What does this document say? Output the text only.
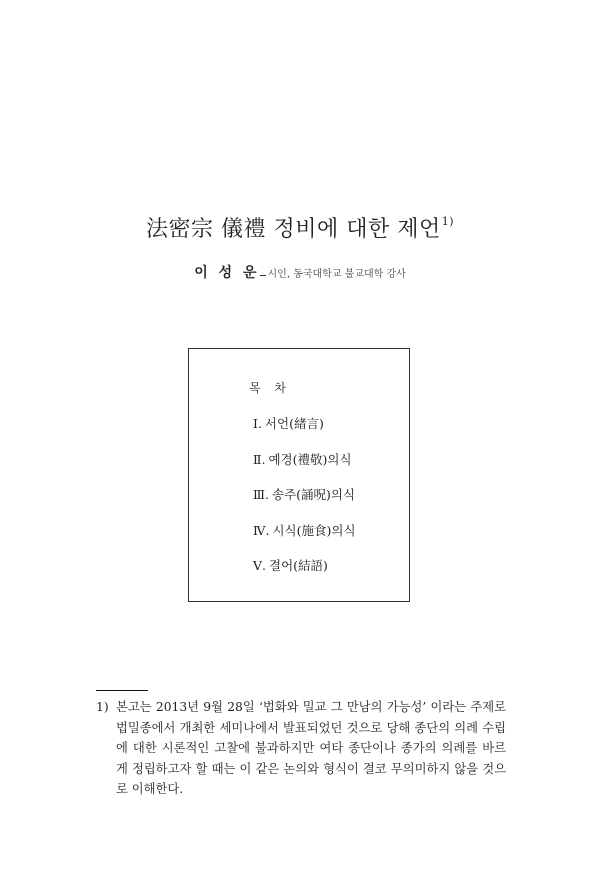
法密宗 儀禮 정비에 대한 제언$^{1)}$
이 성 운 시인, 동국대학교 불교대학 강사
목 차
Ⅰ. 서언(緖言)
Ⅱ. 예경(禮敬)의식
Ⅲ. 송주(誦呪)의식
Ⅳ. 시식(施食)의식
Ⅴ. 결어(結語)
1) 본고는 2013년 9월 28일 ‘법화와 밀교 그 만남의 가능성’ 이라는 주제로 법밀종에서 개최한 세미나에서 발표되었던 것으로 당해 종단의 의례 수립에 대한 시론적인 고찰에 불과하지만 여타 종단이나 종가의 의례를 바르게 정립하고자 할 때는 이 같은 논의와 형식이 결코 무의미하지 않을 것으로 이해한다.
